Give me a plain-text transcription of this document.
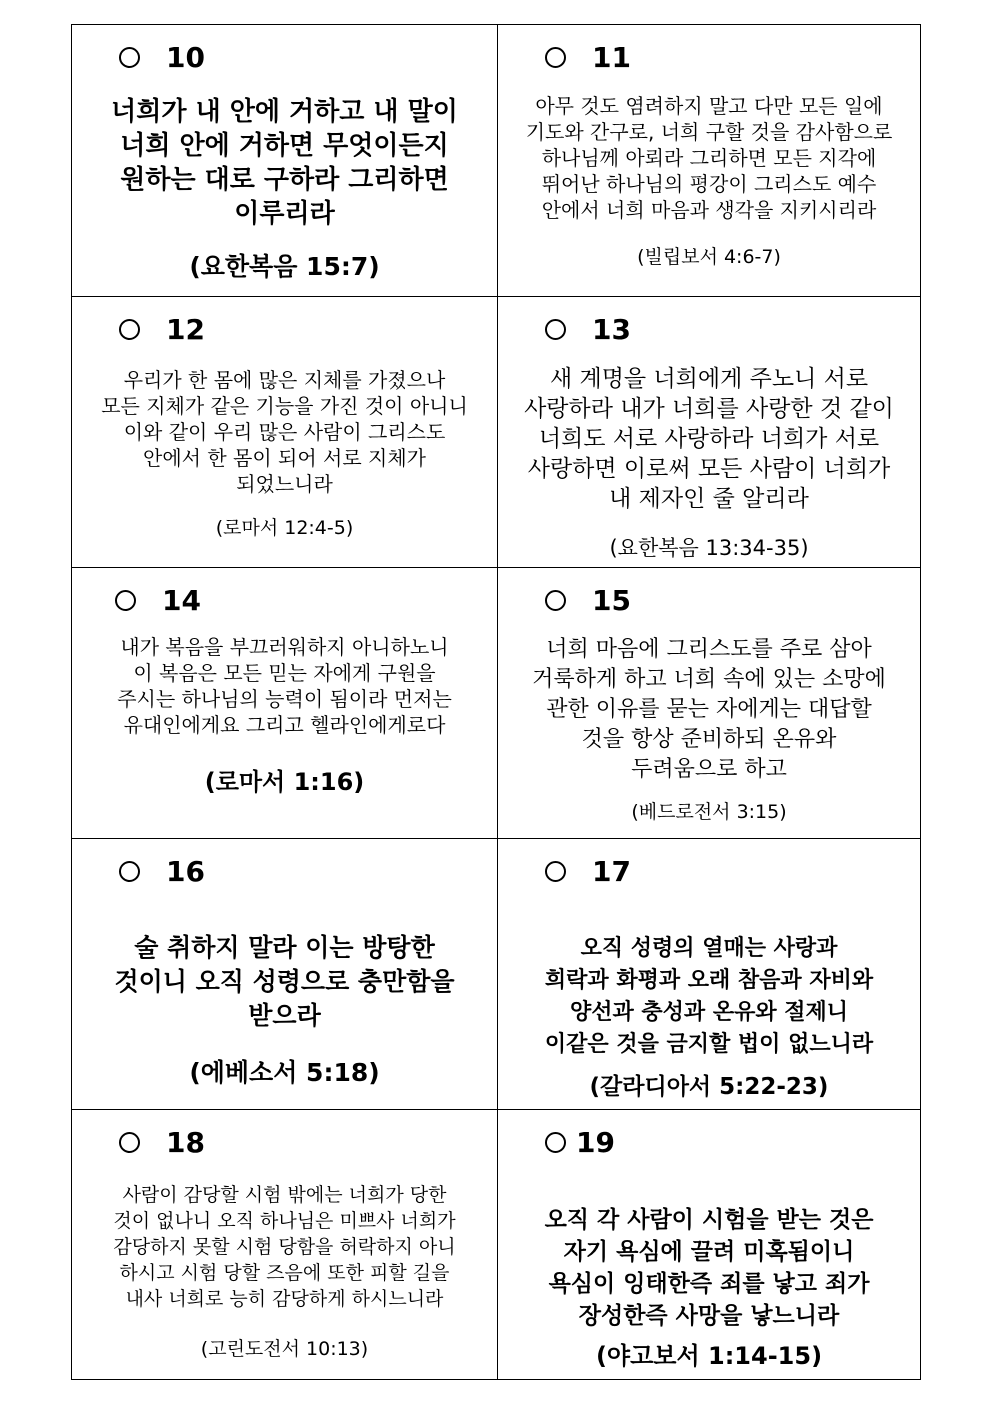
10
너희가 내 안에 거하고 내 말이
너희 안에 거하면 무엇이든지
원하는 대로 구하라 그리하면
이루리라
(요한복음 15:7)
11
아무 것도 염려하지 말고 다만 모든 일에
기도와 간구로, 너희 구할 것을 감사함으로
하나님께 아뢰라 그리하면 모든 지각에
뛰어난 하나님의 평강이 그리스도 예수
안에서 너희 마음과 생각을 지키시리라
(빌립보서 4:6-7)
12
우리가 한 몸에 많은 지체를 가졌으나
모든 지체가 같은 기능을 가진 것이 아니니
이와 같이 우리 많은 사람이 그리스도
안에서 한 몸이 되어 서로 지체가
되었느니라
(로마서 12:4-5)
13
새 계명을 너희에게 주노니 서로
사랑하라 내가 너희를 사랑한 것 같이
너희도 서로 사랑하라 너희가 서로
사랑하면 이로써 모든 사람이 너희가
내 제자인 줄 알리라
(요한복음 13:34-35)
14
내가 복음을 부끄러워하지 아니하노니
이 복음은 모든 믿는 자에게 구원을
주시는 하나님의 능력이 됨이라 먼저는
유대인에게요 그리고 헬라인에게로다
(로마서 1:16)
15
너희 마음에 그리스도를 주로 삼아
거룩하게 하고 너희 속에 있는 소망에
관한 이유를 묻는 자에게는 대답할
것을 항상 준비하되 온유와
두려움으로 하고
(베드로전서 3:15)
16
술 취하지 말라 이는 방탕한
것이니 오직 성령으로 충만함을
받으라
(에베소서 5:18)
17
오직 성령의 열매는 사랑과
희락과 화평과 오래 참음과 자비와
양선과 충성과 온유와 절제니
이같은 것을 금지할 법이 없느니라
(갈라디아서 5:22-23)
18
사람이 감당할 시험 밖에는 너희가 당한
것이 없나니 오직 하나님은 미쁘사 너희가
감당하지 못할 시험 당함을 허락하지 아니
하시고 시험 당할 즈음에 또한 피할 길을
내사 너희로 능히 감당하게 하시느니라
(고린도전서 10:13)
19
오직 각 사람이 시험을 받는 것은
자기 욕심에 끌려 미혹됨이니
욕심이 잉태한즉 죄를 낳고 죄가
장성한즉 사망을 낳느니라
(야고보서 1:14-15)
